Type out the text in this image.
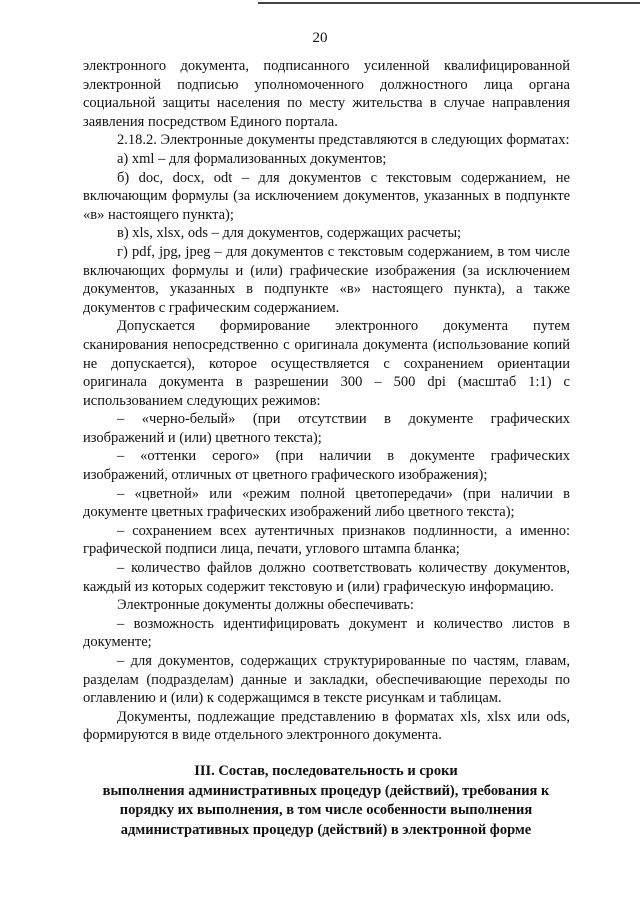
20

электронного документа, подписанного усиленной квалифицированной электронной подписью уполномоченного должностного лица органа социальной защиты населения по месту жительства в случае направления заявления посредством Единого портала.

2.18.2. Электронные документы представляются в следующих форматах:

а) xml – для формализованных документов;

б) doc, docx, odt – для документов с текстовым содержанием, не включающим формулы (за исключением документов, указанных в подпункте «в» настоящего пункта);

в) xls, xlsx, ods – для документов, содержащих расчеты;

г) pdf, jpg, jpeg – для документов с текстовым содержанием, в том числе включающих формулы и (или) графические изображения (за исключением документов, указанных в подпункте «в» настоящего пункта), а также документов с графическим содержанием.

Допускается формирование электронного документа путем сканирования непосредственно с оригинала документа (использование копий не допускается), которое осуществляется с сохранением ориентации оригинала документа в разрешении 300 – 500 dpi (масштаб 1:1) с использованием следующих режимов:

– «черно-белый» (при отсутствии в документе графических изображений и (или) цветного текста);

– «оттенки серого» (при наличии в документе графических изображений, отличных от цветного графического изображения);

– «цветной» или «режим полной цветопередачи» (при наличии в документе цветных графических изображений либо цветного текста);

– сохранением всех аутентичных признаков подлинности, а именно: графической подписи лица, печати, углового штампа бланка;

– количество файлов должно соответствовать количеству документов, каждый из которых содержит текстовую и (или) графическую информацию.

Электронные документы должны обеспечивать:

– возможность идентифицировать документ и количество листов в документе;

– для документов, содержащих структурированные по частям, главам, разделам (подразделам) данные и закладки, обеспечивающие переходы по оглавлению и (или) к содержащимся в тексте рисункам и таблицам.

Документы, подлежащие представлению в форматах xls, xlsx или ods, формируются в виде отдельного электронного документа.

III. Состав, последовательность и сроки
выполнения административных процедур (действий), требования к
порядку их выполнения, в том числе особенности выполнения
административных процедур (действий) в электронной форме
